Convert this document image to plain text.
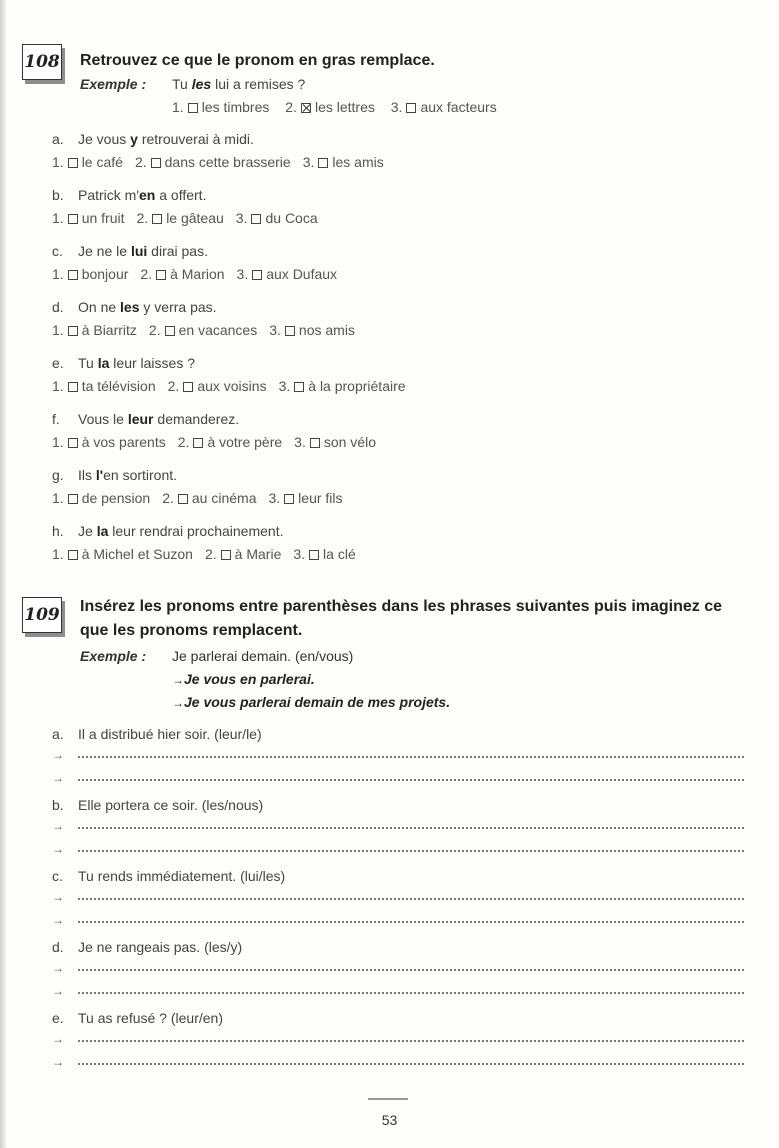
108 Retrouvez ce que le pronom en gras remplace.
Exemple : Tu les lui a remises ?
1. les timbres 2. les lettres 3. aux facteurs
a. Je vous y retrouverai à midi.
1. le café 2. dans cette brasserie 3. les amis
b. Patrick m'en a offert.
1. un fruit 2. le gâteau 3. du Coca
c. Je ne le lui dirai pas.
1. bonjour 2. à Marion 3. aux Dufaux
d. On ne les y verra pas.
1. à Biarritz 2. en vacances 3. nos amis
e. Tu la leur laisses ?
1. ta télévision 2. aux voisins 3. à la propriétaire
f. Vous le leur demanderez.
1. à vos parents 2. à votre père 3. son vélo
g. Ils l'en sortiront.
1. de pension 2. au cinéma 3. leur fils
h. Je la leur rendrai prochainement.
1. à Michel et Suzon 2. à Marie 3. la clé
109 Insérez les pronoms entre parenthèses dans les phrases suivantes puis imaginez ce
que les pronoms remplacent.
Exemple : Je parlerai demain. (en/vous)
→Je vous en parlerai.
→Je vous parlerai demain de mes projets.
a. Il a distribué hier soir. (leur/le)
→
→
b. Elle portera ce soir. (les/nous)
→
→
c. Tu rends immédiatement. (lui/les)
→
→
d. Je ne rangeais pas. (les/y)
→
→
e. Tu as refusé ? (leur/en)
→
→
53
